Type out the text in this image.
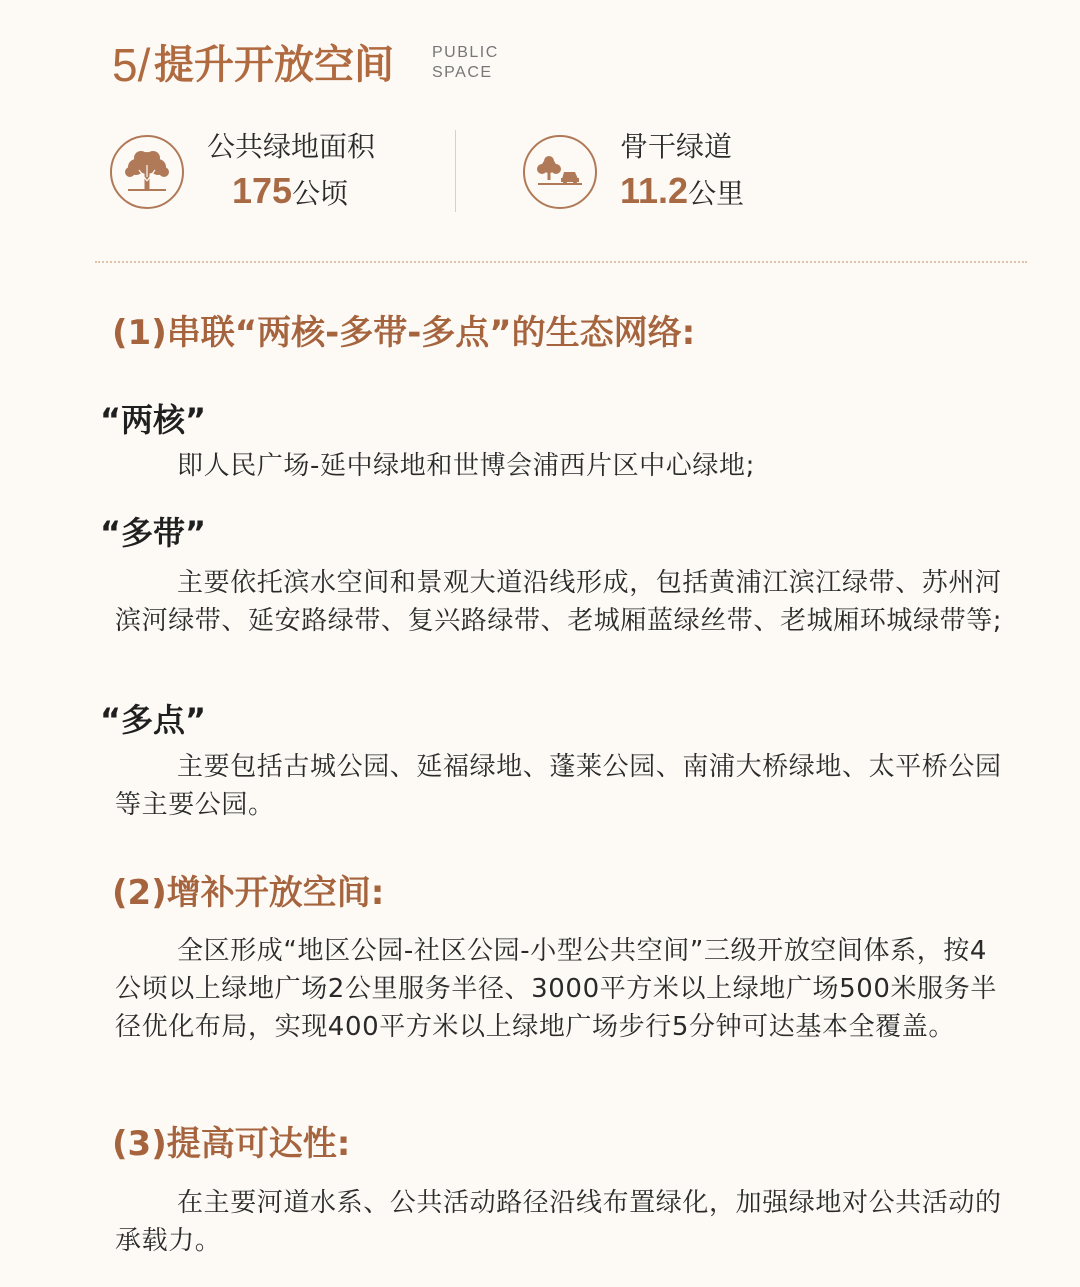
5/ 提升开放空间 PUBLIC
SPACE
公共绿地面积
175公顷
骨干绿道
11.2公里
(1)串联“两核-多带-多点”的生态网络:
“两核”
即人民广场-延中绿地和世博会浦西片区中心绿地;
“多带”
主要依托滨水空间和景观大道沿线形成，包括黄浦江滨江绿带、苏州河滨河绿带、延安路绿带、复兴路绿带、老城厢蓝绿丝带、老城厢环城绿带等;
“多点”
主要包括古城公园、延福绿地、蓬莱公园、南浦大桥绿地、太平桥公园等主要公园。
(2)增补开放空间:
全区形成“地区公园-社区公园-小型公共空间”三级开放空间体系，按4公顷以上绿地广场2公里服务半径、3000平方米以上绿地广场500米服务半径优化布局，实现400平方米以上绿地广场步行5分钟可达基本全覆盖。
(3)提高可达性:
在主要河道水系、公共活动路径沿线布置绿化，加强绿地对公共活动的承载力。
